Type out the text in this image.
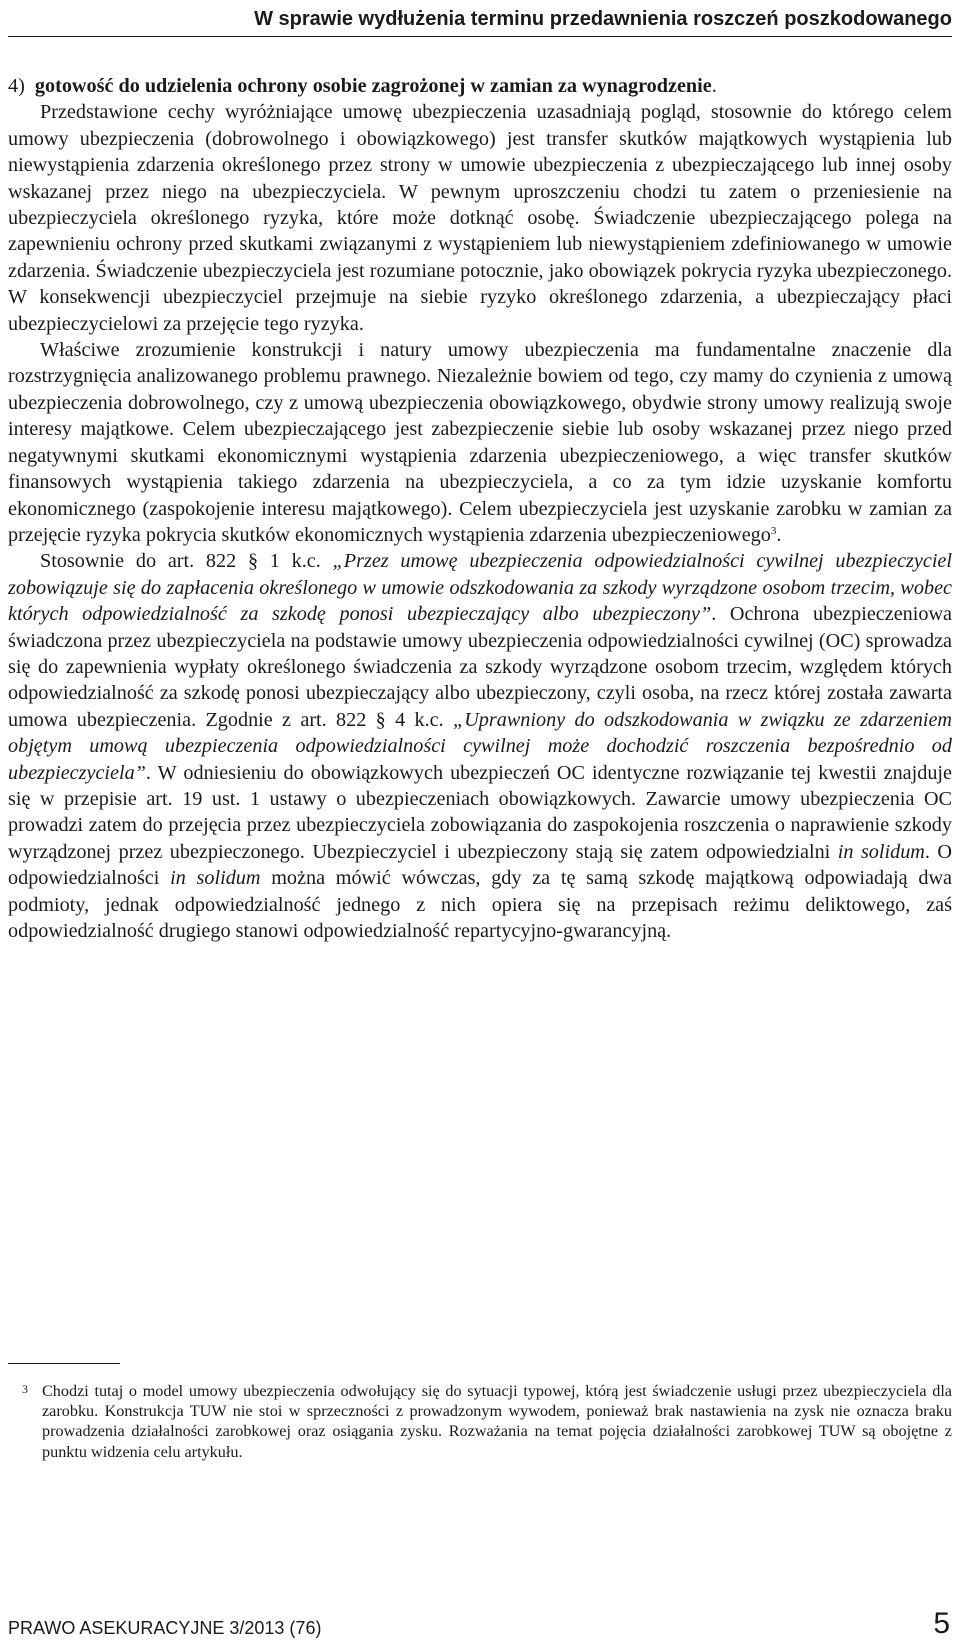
W sprawie wydłużenia terminu przedawnienia roszczeń poszkodowanego

4) gotowość do udzielenia ochrony osobie zagrożonej w zamian za wynagrodzenie.

Przedstawione cechy wyróżniające umowę ubezpieczenia uzasadniają pogląd, stosownie do którego celem umowy ubezpieczenia (dobrowolnego i obowiązkowego) jest transfer skutków majątkowych wystąpienia lub niewystąpienia zdarzenia określonego przez strony w umowie ubezpieczenia z ubezpieczającego lub innej osoby wskazanej przez niego na ubezpieczyciela. W pewnym uproszczeniu chodzi tu zatem o przeniesienie na ubezpieczyciela określonego ryzyka, które może dotknąć osobę. Świadczenie ubezpieczającego polega na zapewnieniu ochrony przed skutkami związanymi z wystąpieniem lub niewystąpieniem zdefiniowanego w umowie zdarzenia. Świadczenie ubezpieczyciela jest rozumiane potocznie, jako obowiązek pokrycia ryzyka ubezpieczonego. W konsekwencji ubezpieczyciel przejmuje na siebie ryzyko określonego zdarzenia, a ubezpieczający płaci ubezpieczycielowi za przejęcie tego ryzyka.

Właściwe zrozumienie konstrukcji i natury umowy ubezpieczenia ma fundamentalne znaczenie dla rozstrzygnięcia analizowanego problemu prawnego. Niezależnie bowiem od tego, czy mamy do czynienia z umową ubezpieczenia dobrowolnego, czy z umową ubezpieczenia obowiązkowego, obydwie strony umowy realizują swoje interesy majątkowe. Celem ubezpieczającego jest zabezpieczenie siebie lub osoby wskazanej przez niego przed negatywnymi skutkami ekonomicznymi wystąpienia zdarzenia ubezpieczeniowego, a więc transfer skutków finansowych wystąpienia takiego zdarzenia na ubezpieczyciela, a co za tym idzie uzyskanie komfortu ekonomicznego (zaspokojenie interesu majątkowego). Celem ubezpieczyciela jest uzyskanie zarobku w zamian za przejęcie ryzyka pokrycia skutków ekonomicznych wystąpienia zdarzenia ubezpieczeniowego$^3$.

Stosownie do art. 822 § 1 k.c. „Przez umowę ubezpieczenia odpowiedzialności cywilnej ubezpieczyciel zobowiązuje się do zapłacenia określonego w umowie odszkodowania za szkody wyrządzone osobom trzecim, wobec których odpowiedzialność za szkodę ponosi ubezpieczający albo ubezpieczony”. Ochrona ubezpieczeniowa świadczona przez ubezpieczyciela na podstawie umowy ubezpieczenia odpowiedzialności cywilnej (OC) sprowadza się do zapewnienia wypłaty określonego świadczenia za szkody wyrządzone osobom trzecim, względem których odpowiedzialność za szkodę ponosi ubezpieczający albo ubezpieczony, czyli osoba, na rzecz której została zawarta umowa ubezpieczenia. Zgodnie z art. 822 § 4 k.c. „Uprawniony do odszkodowania w związku ze zdarzeniem objętym umową ubezpieczenia odpowiedzialności cywilnej może dochodzić roszczenia bezpośrednio od ubezpieczyciela”. W odniesieniu do obowiązkowych ubezpieczeń OC identyczne rozwiązanie tej kwestii znajduje się w przepisie art. 19 ust. 1 ustawy o ubezpieczeniach obowiązkowych. Zawarcie umowy ubezpieczenia OC prowadzi zatem do przejęcia przez ubezpieczyciela zobowiązania do zaspokojenia roszczenia o naprawienie szkody wyrządzonej przez ubezpieczonego. Ubezpieczyciel i ubezpieczony stają się zatem odpowiedzialni in solidum. O odpowiedzialności in solidum można mówić wówczas, gdy za tę samą szkodę majątkową odpowiadają dwa podmioty, jednak odpowiedzialność jednego z nich opiera się na przepisach reżimu deliktowego, zaś odpowiedzialność drugiego stanowi odpowiedzialność repartycyjno-gwarancyjną.

3 Chodzi tutaj o model umowy ubezpieczenia odwołujący się do sytuacji typowej, którą jest świadczenie usługi przez ubezpieczyciela dla zarobku. Konstrukcja TUW nie stoi w sprzeczności z prowadzonym wywodem, ponieważ brak nastawienia na zysk nie oznacza braku prowadzenia działalności zarobkowej oraz osiągania zysku. Rozważania na temat pojęcia działalności zarobkowej TUW są obojętne z punktu widzenia celu artykułu.
PRAWO ASEKURACYJNE 3/2013 (76)	5
